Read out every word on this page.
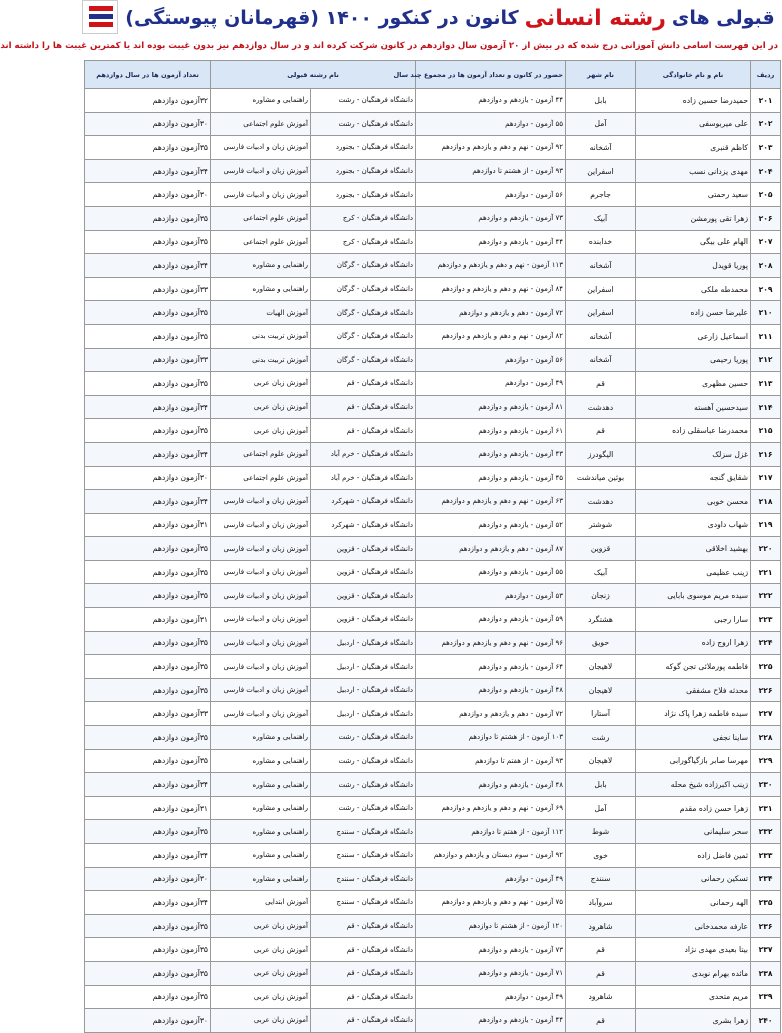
قبولی های
رشته انسانی
کانون در کنکور ۱۴۰۰ (قهرمانان پیوستگی)
در این فهرست اسامی دانش آموزانی درج شده که در بیش از ۲۰ آزمون سال دوازدهم در کانون شرکت کرده اند و در سال دوازدهم نیز بدون غیبت بوده اند یا کمترین غیبت ها را داشته اند
ردیف	نام و نام خانوادگی	نام شهر	حضور در کانون و تعداد آزمون ها در مجموع چند سال	نام رشته قبولی		تعداد آزمون ها در سال دوازدهم
۲۰۱	حمیدرضا حسین زاده	بابل	۴۴ آزمون - یازدهم و دوازدهم	دانشگاه فرهنگیان - رشت	راهنمایی و مشاوره	۳۲آزمون دوازدهم
۲۰۲	علی میربوسفی	آمل	۵۵ آزمون - دوازدهم	دانشگاه فرهنگیان - رشت	آموزش علوم اجتماعی	۳۰آزمون دوازدهم
۲۰۳	کاظم قنبری	آشخانه	۹۲ آزمون - نهم و دهم و یازدهم و دوازدهم	دانشگاه فرهنگیان - بجنورد	آموزش زبان و ادبیات فارسی	۳۵آزمون دوازدهم
۲۰۴	مهدی یزدانی نسب	اسفراین	۹۳ آزمون - از هشتم تا دوازدهم	دانشگاه فرهنگیان - بجنورد	آموزش زبان و ادبیات فارسی	۳۴آزمون دوازدهم
۲۰۵	سعید رحمتی	جاجرم	۵۶ آزمون - دوازدهم	دانشگاه فرهنگیان - بجنورد	آموزش زبان و ادبیات فارسی	۳۰آزمون دوازدهم
۲۰۶	زهرا تقی پورمشن	آبیک	۷۳ آزمون - یازدهم و دوازدهم	دانشگاه فرهنگیان - کرج	آموزش علوم اجتماعی	۳۵آزمون دوازدهم
۲۰۷	الهام علی بیگی	خدابنده	۴۴ آزمون - یازدهم و دوازدهم	دانشگاه فرهنگیان - کرج	آموزش علوم اجتماعی	۳۵آزمون دوازدهم
۲۰۸	پوریا قویدل	آشخانه	۱۱۳ آزمون - نهم و دهم و یازدهم و دوازدهم	دانشگاه فرهنگیان - گرگان	راهنمایی و مشاوره	۳۴آزمون دوازدهم
۲۰۹	محمدطه ملکی	اسفراین	۸۴ آزمون - نهم و دهم و یازدهم و دوازدهم	دانشگاه فرهنگیان - گرگان	راهنمایی و مشاوره	۳۳آزمون دوازدهم
۲۱۰	علیرضا حسن زاده	اسفراین	۷۲ آزمون - دهم و یازدهم و دوازدهم	دانشگاه فرهنگیان - گرگان	آموزش الهیات	۳۵آزمون دوازدهم
۲۱۱	اسماعیل زارعی	آشخانه	۸۲ آزمون - نهم و دهم و یازدهم و دوازدهم	دانشگاه فرهنگیان - گرگان	آموزش تربیت بدنی	۳۵آزمون دوازدهم
۲۱۲	پوریا رحیمی	آشخانه	۵۶ آزمون - دوازدهم	دانشگاه فرهنگیان - گرگان	آموزش تربیت بدنی	۳۳آزمون دوازدهم
۲۱۳	حسین مظهری	قم	۴۹ آزمون - دوازدهم	دانشگاه فرهنگیان - قم	آموزش زبان عربی	۳۵آزمون دوازدهم
۲۱۴	سیدحسین آهسته	دهدشت	۸۱ آزمون - یازدهم و دوازدهم	دانشگاه فرهنگیان - قم	آموزش زبان عربی	۳۴آزمون دوازدهم
۲۱۵	محمدرضا عباسقلی زاده	قم	۶۱ آزمون - یازدهم و دوازدهم	دانشگاه فرهنگیان - قم	آموزش زبان عربی	۳۵آزمون دوازدهم
۲۱۶	غزل سزلک	الیگودرز	۴۳ آزمون - یازدهم و دوازدهم	دانشگاه فرهنگیان - خرم آباد	آموزش علوم اجتماعی	۳۴آزمون دوازدهم
۲۱۷	شقایق گنجه	بوئین میاندشت	۴۵ آزمون - یازدهم و دوازدهم	دانشگاه فرهنگیان - خرم آباد	آموزش علوم اجتماعی	۳۰آزمون دوازدهم
۲۱۸	محسن خوبی	دهدشت	۶۳ آزمون - نهم و دهم و یازدهم و دوازدهم	دانشگاه فرهنگیان - شهرکرد	آموزش زبان و ادبیات فارسی	۳۴آزمون دوازدهم
۲۱۹	شهاب داودی	شوشتر	۵۲ آزمون - یازدهم و دوازدهم	دانشگاه فرهنگیان - شهرکرد	آموزش زبان و ادبیات فارسی	۳۱آزمون دوازدهم
۲۲۰	بهشید اخلاقی	قزوین	۸۷ آزمون - دهم و یازدهم و دوازدهم	دانشگاه فرهنگیان - قزوین	آموزش زبان و ادبیات فارسی	۳۵آزمون دوازدهم
۲۲۱	زینب عظیمی	آبیک	۵۵ آزمون - یازدهم و دوازدهم	دانشگاه فرهنگیان - قزوین	آموزش زبان و ادبیات فارسی	۳۵آزمون دوازدهم
۲۲۲	سیده مریم موسوی بابایی	زنجان	۵۳ آزمون - دوازدهم	دانشگاه فرهنگیان - قزوین	آموزش زبان و ادبیات فارسی	۳۵آزمون دوازدهم
۲۲۳	سارا رجبی	هشتگرد	۵۹ آزمون - یازدهم و دوازدهم	دانشگاه فرهنگیان - قزوین	آموزش زبان و ادبیات فارسی	۳۱آزمون دوازدهم
۲۲۴	زهرا اروج زاده	حویق	۹۶ آزمون - نهم و دهم و یازدهم و دوازدهم	دانشگاه فرهنگیان - اردبیل	آموزش زبان و ادبیات فارسی	۳۵آزمون دوازدهم
۲۲۵	فاطمه پورملائی تجن گوکه	لاهیجان	۶۴ آزمون - یازدهم و دوازدهم	دانشگاه فرهنگیان - اردبیل	آموزش زبان و ادبیات فارسی	۳۵آزمون دوازدهم
۲۲۶	محدثه فلاح مشفقی	لاهیجان	۴۸ آزمون - یازدهم و دوازدهم	دانشگاه فرهنگیان - اردبیل	آموزش زبان و ادبیات فارسی	۳۵آزمون دوازدهم
۲۲۷	سیده فاطمه زهرا پاک نژاد	آستارا	۷۲ آزمون - دهم و یازدهم و دوازدهم	دانشگاه فرهنگیان - اردبیل	آموزش زبان و ادبیات فارسی	۳۳آزمون دوازدهم
۲۲۸	ساینا نجفی	رشت	۱۰۳ آزمون - از هشتم تا دوازدهم	دانشگاه فرهنگیان - رشت	راهنمایی و مشاوره	۳۵آزمون دوازدهم
۲۲۹	مهرسا صابر بازگیاگورابی	لاهیجان	۹۳ آزمون - از هفتم تا دوازدهم	دانشگاه فرهنگیان - رشت	راهنمایی و مشاوره	۳۵آزمون دوازدهم
۲۳۰	زینب اکبرزاده شیخ محله	بابل	۴۸ آزمون - یازدهم و دوازدهم	دانشگاه فرهنگیان - رشت	راهنمایی و مشاوره	۳۴آزمون دوازدهم
۲۳۱	زهرا حسن زاده مقدم	آمل	۶۹ آزمون - نهم و دهم و یازدهم و دوازدهم	دانشگاه فرهنگیان - رشت	راهنمایی و مشاوره	۳۱آزمون دوازدهم
۲۳۲	سحر سلیمانی	شوط	۱۱۲ آزمون - از هفتم تا دوازدهم	دانشگاه فرهنگیان - سنندج	راهنمایی و مشاوره	۳۵آزمون دوازدهم
۲۳۳	ثمین فاضل زاده	خوی	۹۲ آزمون - سوم دبستان و یازدهم و دوازدهم	دانشگاه فرهنگیان - سنندج	راهنمایی و مشاوره	۳۴آزمون دوازدهم
۲۳۴	تسکین رحمانی	سنندج	۴۹ آزمون - دوازدهم	دانشگاه فرهنگیان - سنندج	راهنمایی و مشاوره	۳۰آزمون دوازدهم
۲۳۵	الهه رحمانی	سروآباد	۷۵ آزمون - نهم و دهم و یازدهم و دوازدهم	دانشگاه فرهنگیان - سنندج	آموزش ابتدایی	۳۴آزمون دوازدهم
۲۳۶	عارفه محمدخانی	شاهرود	۱۲۰ آزمون - از هشتم تا دوازدهم	دانشگاه فرهنگیان - قم	آموزش زبان عربی	۳۵آزمون دوازدهم
۲۳۷	بیتا بعیدی مهدی نژاد	قم	۷۳ آزمون - یازدهم و دوازدهم	دانشگاه فرهنگیان - قم	آموزش زبان عربی	۳۵آزمون دوازدهم
۲۳۸	مائده بهرام نوبدی	قم	۷۱ آزمون - یازدهم و دوازدهم	دانشگاه فرهنگیان - قم	آموزش زبان عربی	۳۵آزمون دوازدهم
۲۳۹	مریم متحدی	شاهرود	۴۹ آزمون - دوازدهم	دانشگاه فرهنگیان - قم	آموزش زبان عربی	۳۵آزمون دوازدهم
۲۴۰	زهرا بشری	قم	۴۴ آزمون - یازدهم و دوازدهم	دانشگاه فرهنگیان - قم	آموزش زبان عربی	۳۰آزمون دوازدهم
